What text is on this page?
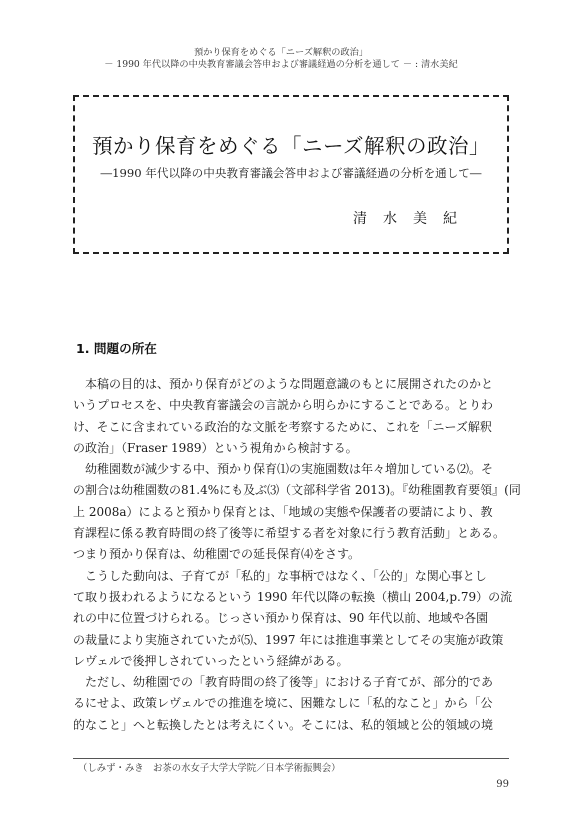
預かり保育をめぐる「ニーズ解釈の政治」
－ 1990 年代以降の中央教育審議会答申および審議経過の分析を通して － : 清水美紀
預かり保育をめぐる「ニーズ解釈の政治」
―1990 年代以降の中央教育審議会答申および審議経過の分析を通して―
清水美紀
1. 問題の所在
　本稿の目的は、預かり保育がどのような問題意識のもとに展開されたのかと
いうプロセスを、中央教育審議会の言説から明らかにすることである。とりわ
け、そこに含まれている政治的な文脈を考察するために、これを「ニーズ解釈
の政治」（Fraser 1989）という視角から検討する。
　幼稚園数が減少する中、預かり保育⑴の実施園数は年々増加している⑵。そ
の割合は幼稚園数の81.4%にも及ぶ⑶（文部科学省 2013)。『幼稚園教育要領』(同
上 2008a）によると預かり保育とは、「地域の実態や保護者の要請により、教
育課程に係る教育時間の終了後等に希望する者を対象に行う教育活動」とある。
つまり預かり保育は、幼稚園での延長保育⑷をさす。
　こうした動向は、子育てが「私的」な事柄ではなく、「公的」な関心事とし
て取り扱われるようになるという 1990 年代以降の転換（横山 2004,p.79）の流
れの中に位置づけられる。じっさい預かり保育は、90 年代以前、地域や各園
の裁量により実施されていたが⑸、1997 年には推進事業としてその実施が政策
レヴェルで後押しされていったという経緯がある。
　ただし、幼稚園での「教育時間の終了後等」における子育てが、部分的であ
るにせよ、政策レヴェルでの推進を境に、困難なしに「私的なこと」から「公
的なこと」へと転換したとは考えにくい。そこには、私的領域と公的領域の境
（しみず・みき　お茶の水女子大学大学院／日本学術振興会）
99
